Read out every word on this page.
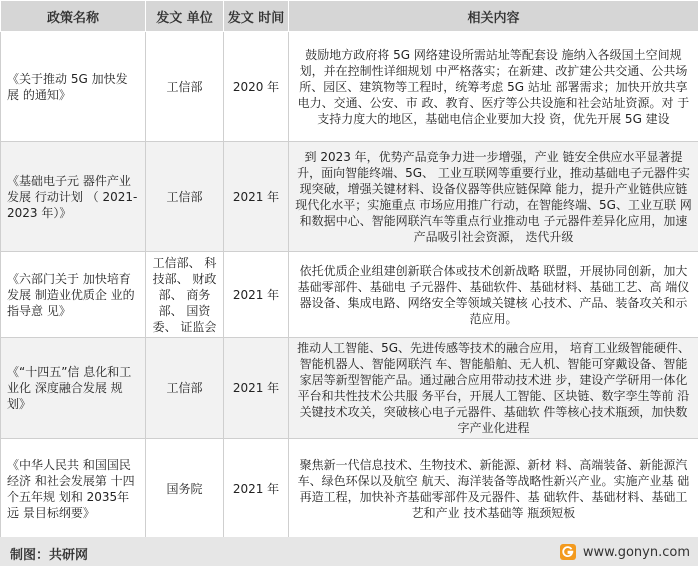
政策名称	发文 单位	发文 时间	相关内容
《关于推动 5G 加快发展 的通知》	工信部	2020 年	鼓励地方政府将 5G 网络建设所需站址等配套设 施纳入各级国土空间规划，并在控制性详细规划 中严格落实；在新建、改扩建公共交通、公共场 所、园区、建筑物等工程时，统筹考虑 5G 站址 部署需求；加快开放共享电力、交通、公安、市 政、教育、医疗等公共设施和社会站址资源。对 于支持力度大的地区，基础电信企业要加大投 资，优先开展 5G 建设
《基础电子元 器件产业发展 行动计划 （ 2021-2023 年）》	工信部	2021 年	到 2023 年，优势产品竞争力进一步增强，产业 链安全供应水平显著提升，面向智能终端、5G、 工业互联网等重要行业，推动基础电子元器件实 现突破，增强关键材料、设备仪器等供应链保障 能力，提升产业链供应链现代化水平；实施重点 市场应用推广行动，在智能终端、5G、工业互联 网和数据中心、智能网联汽车等重点行业推动电 子元器件差异化应用，加速产品吸引社会资源， 迭代升级
《六部门关于 加快培育发展 制造业优质企 业的指导意 见》	工信部、 科技部、 财政部、 商务部、 国资委、 证监会	2021 年	依托优质企业组建创新联合体或技术创新战略 联盟，开展协同创新，加大基础零部件、基础电 子元器件、基础软件、基础材料、基础工艺、高 端仪器设备、集成电路、网络安全等领域关键核 心技术、产品、装备攻关和示范应用。
《“十四五”信 息化和工业化 深度融合发展 规划》	工信部	2021 年	推动人工智能、5G、先进传感等技术的融合应用， 培育工业级智能硬件、智能机器人、智能网联汽 车、智能船舶、无人机、智能可穿戴设备、智能 家居等新型智能产品。通过融合应用带动技术进 步，建设产学研用一体化平台和共性技术公共服 务平台，开展人工智能、区块链、数字孪生等前 沿关键技术攻关，突破核心电子元器件、基础软 件等核心技术瓶颈，加快数字产业化进程
《中华人民共 和国国民经济 和社会发展第 十四个五年规 划和 2035年远 景目标纲要》	国务院	2021 年	聚焦新一代信息技术、生物技术、新能源、新材 料、高端装备、新能源汽车、绿色环保以及航空 航天、海洋装备等战略性新兴产业。实施产业基 础再造工程，加快补齐基础零部件及元器件、基 础软件、基础材料、基础工艺和产业 技术基础等 瓶颈短板
制图：共研网	www.gonyn.com
